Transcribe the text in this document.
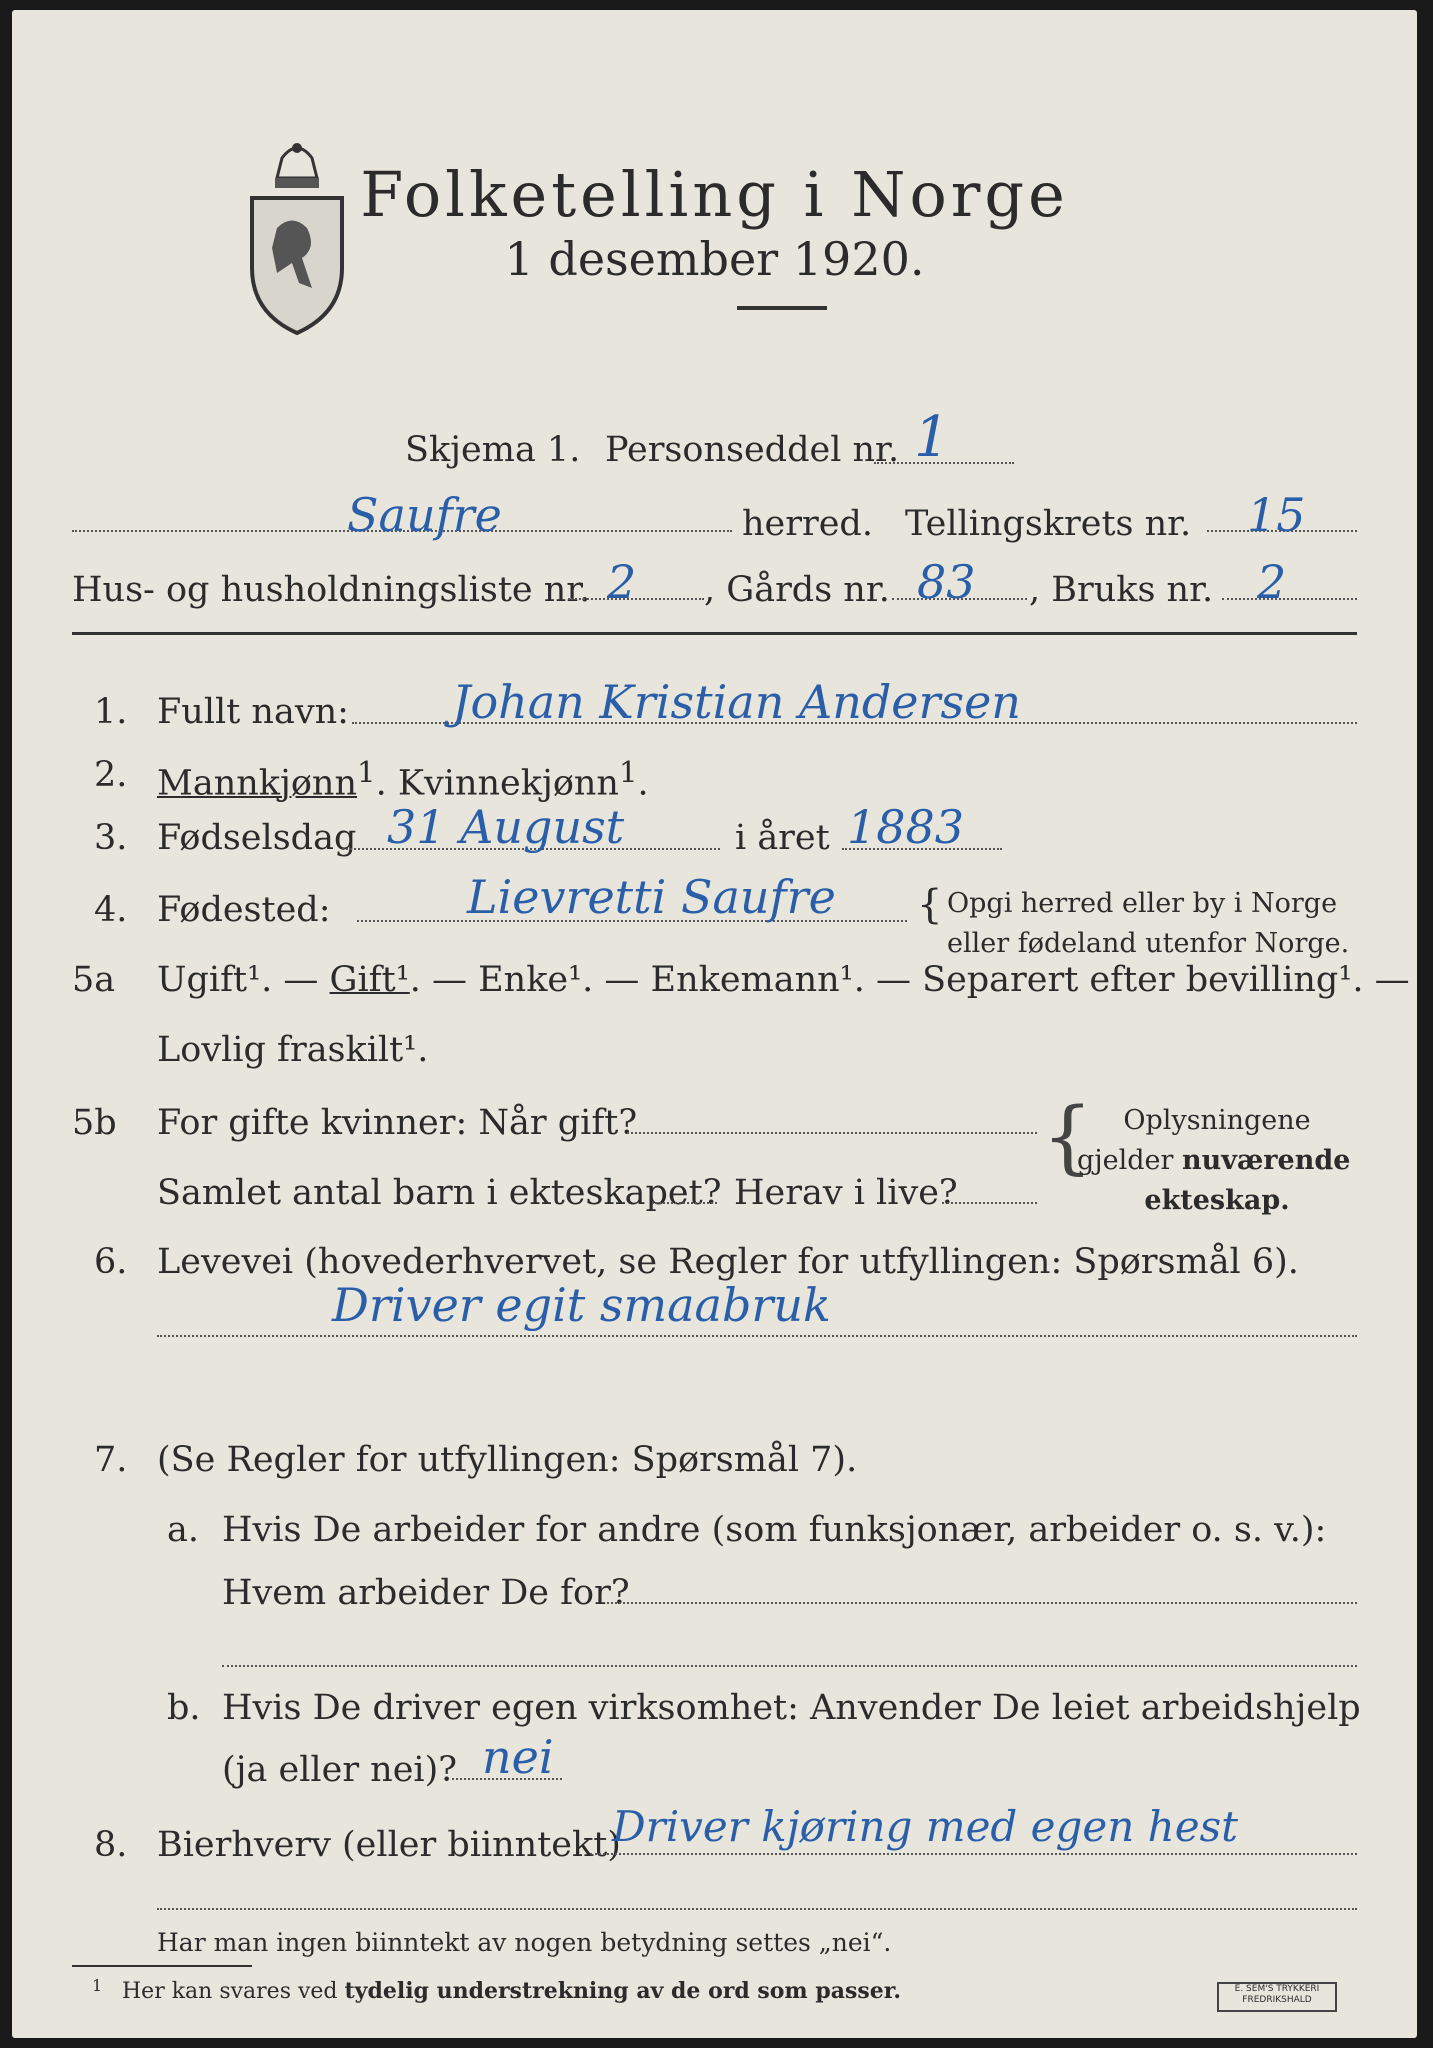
Folketelling i Norge
1 desember 1920.
Skjema 1. Personseddel nr. 1
Saufre	herred. Tellingskrets nr. 15
Hus- og husholdningsliste nr. 2 , Gårds nr. 83 , Bruks nr. 2
1. Fullt navn: Johan Kristian Andersen
2. Mannkjønn$^1$. Kvinnekjønn$^1$.
3. Fødselsdag 31 August	i året 1883
4. Fødested:	Lievretti Saufre { Opgi herred eller by i Norge
eller fødeland utenfor Norge.
5a Ugift¹. — Gift¹. — Enke¹. — Enkemann¹. — Separert efter bevilling¹. —
Lovlig fraskilt¹.
5b For gifte kvinner: Når gift?
Samlet antal barn i ekteskapet? Herav i live?
{	Oplysningene
gjelder nuværende
ekteskap.
6. Levevei (hovederhvervet, se Regler for utfyllingen: Spørsmål 6).
Driver egit smaabruk
7. (Se Regler for utfyllingen: Spørsmål 7).
a. Hvis De arbeider for andre (som funksjonær, arbeider o. s. v.):
Hvem arbeider De for?
b. Hvis De driver egen virksomhet: Anvender De leiet arbeidshjelp
(ja eller nei)? nei
8. Bierhverv (eller biinntekt)
Driver kjøring med egen hest
Har man ingen biinntekt av nogen betydning settes „nei“.
1 Her kan svares ved tydelig understrekning av de ord som passer.	E. SEM'S TRYKKERI
FREDRIKSHALD
